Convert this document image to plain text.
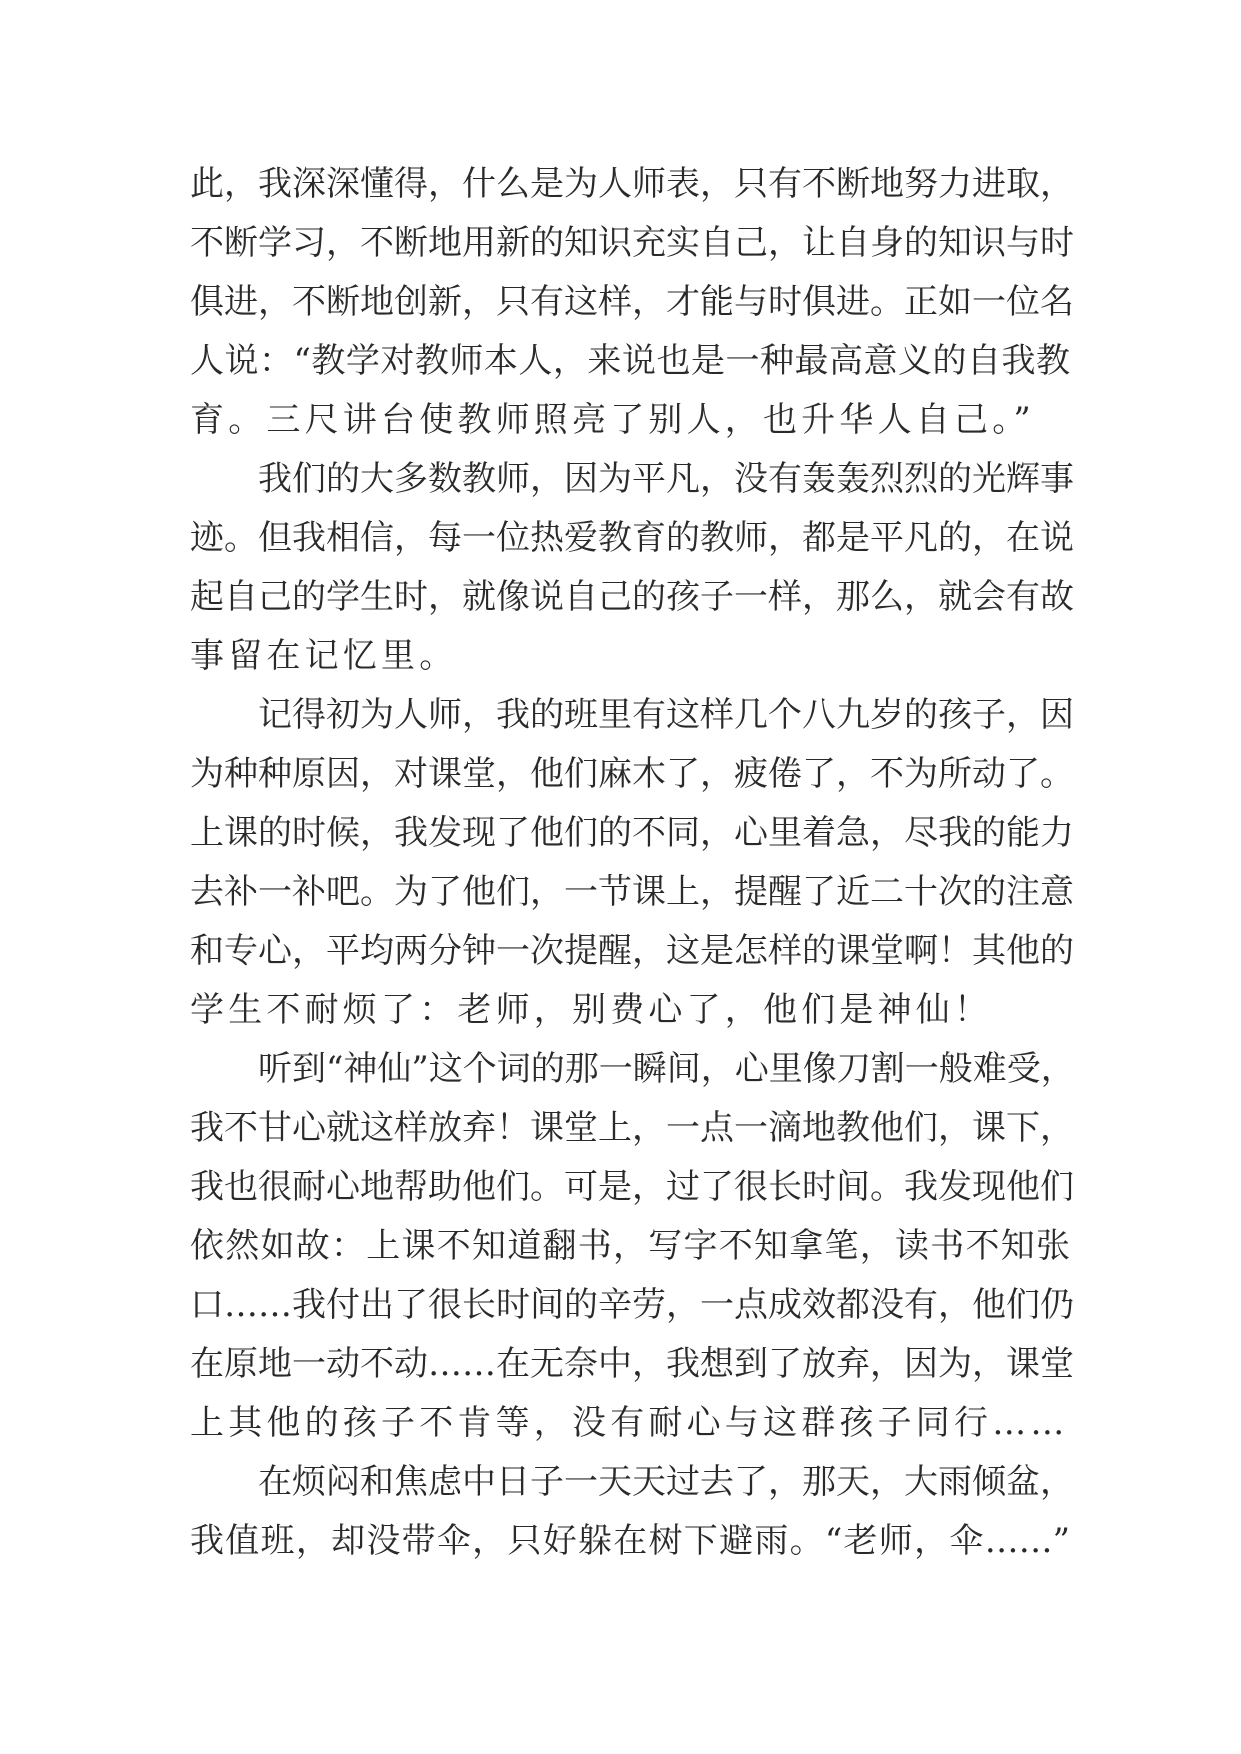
此，我深深懂得，什么是为人师表，只有不断地努力进取，
不断学习，不断地用新的知识充实自己，让自身的知识与时
俱进，不断地创新，只有这样，才能与时俱进。正如一位名
人说：“教学对教师本人，来说也是一种最高意义的自我教
育。三尺讲台使教师照亮了别人，也升华人自己。”
我们的大多数教师，因为平凡，没有轰轰烈烈的光辉事
迹。但我相信，每一位热爱教育的教师，都是平凡的，在说
起自己的学生时，就像说自己的孩子一样，那么，就会有故
事留在记忆里。
记得初为人师，我的班里有这样几个八九岁的孩子，因
为种种原因，对课堂，他们麻木了，疲倦了，不为所动了。
上课的时候，我发现了他们的不同，心里着急，尽我的能力
去补一补吧。为了他们，一节课上，提醒了近二十次的注意
和专心，平均两分钟一次提醒，这是怎样的课堂啊！其他的
学生不耐烦了：老师，别费心了，他们是神仙！
听到“神仙”这个词的那一瞬间，心里像刀割一般难受，
我不甘心就这样放弃！课堂上，一点一滴地教他们，课下，
我也很耐心地帮助他们。可是，过了很长时间。我发现他们
依然如故：上课不知道翻书，写字不知拿笔，读书不知张
口……我付出了很长时间的辛劳，一点成效都没有，他们仍
在原地一动不动……在无奈中，我想到了放弃，因为，课堂
上其他的孩子不肯等，没有耐心与这群孩子同行……
在烦闷和焦虑中日子一天天过去了，那天，大雨倾盆，
我值班，却没带伞，只好躲在树下避雨。“老师，伞……”
